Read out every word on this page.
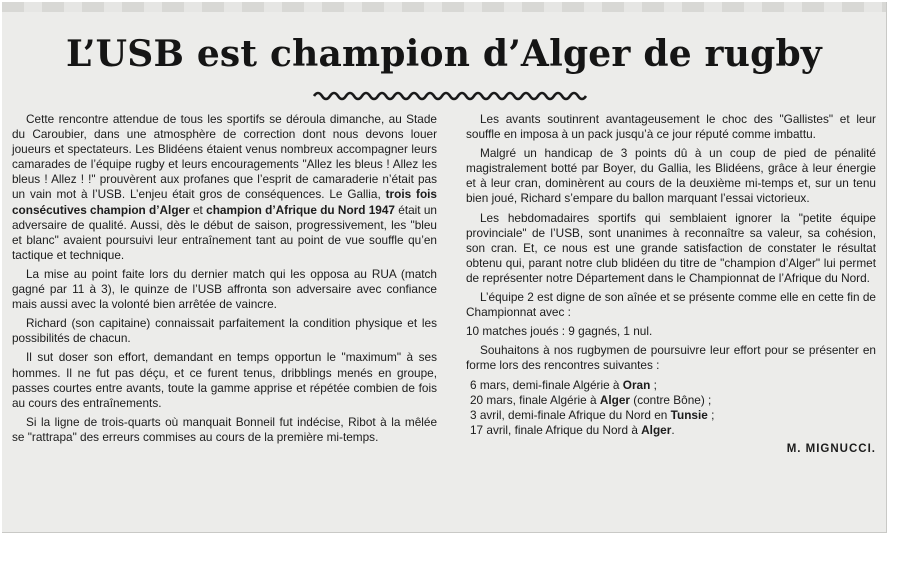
L’USB est champion d’Alger de rugby

Cette rencontre attendue de tous les sportifs se déroula dimanche, au Stade du Caroubier, dans une atmosphère de correction dont nous devons louer joueurs et spectateurs. Les Blidéens étaient venus nombreux accompagner leurs camarades de l’équipe rugby et leurs encouragements "Allez les bleus ! Allez les bleus ! Allez ! !" prouvèrent aux profanes que l’esprit de camaraderie n’était pas un vain mot à l’USB. L’enjeu était gros de conséquences. Le Gallia, trois fois consécutives champion d’Alger et champion d’Afrique du Nord 1947 était un adversaire de qualité. Aussi, dès le début de saison, progressivement, les "bleu et blanc" avaient poursuivi leur entraînement tant au point de vue souffle qu’en tactique et technique.

La mise au point faite lors du dernier match qui les opposa au RUA (match gagné par 11 à 3), le quinze de l’USB affronta son adversaire avec confiance mais aussi avec la volonté bien arrêtée de vaincre.

Richard (son capitaine) connaissait parfaitement la condition physique et les possibilités de chacun.

Il sut doser son effort, demandant en temps opportun le "maximum" à ses hommes. Il ne fut pas déçu, et ce furent tenus, dribblings menés en groupe, passes courtes entre avants, toute la gamme apprise et répétée combien de fois au cours des entraînements.

Si la ligne de trois-quarts où manquait Bonneil fut indécise, Ribot à la mêlée se "rattrapa" des erreurs commises au cours de la première mi-temps.

Les avants soutinrent avantageusement le choc des "Gallistes" et leur souffle en imposa à un pack jusqu’à ce jour réputé comme imbattu.

Malgré un handicap de 3 points dû à un coup de pied de pénalité magistralement botté par Boyer, du Gallia, les Blidéens, grâce à leur énergie et à leur cran, dominèrent au cours de la deuxième mi-temps et, sur un tenu bien joué, Richard s’empare du ballon marquant l’essai victorieux.

Les hebdomadaires sportifs qui semblaient ignorer la "petite équipe provinciale" de l’USB, sont unanimes à reconnaître sa valeur, sa cohésion, son cran. Et, ce nous est une grande satisfaction de constater le résultat obtenu qui, parant notre club blidéen du titre de "champion d’Alger" lui permet de représenter notre Département dans le Championnat de l’Afrique du Nord.

L’équipe 2 est digne de son aînée et se présente comme elle en cette fin de Championnat avec :

10 matches joués : 9 gagnés, 1 nul.

Souhaitons à nos rugbymen de poursuivre leur effort pour se présenter en forme lors des rencontres suivantes :

6 mars, demi-finale Algérie à Oran ;
20 mars, finale Algérie à Alger (contre Bône) ;
3 avril, demi-finale Afrique du Nord en Tunsie ;
17 avril, finale Afrique du Nord à Alger.
M. MIGNUCCI.
